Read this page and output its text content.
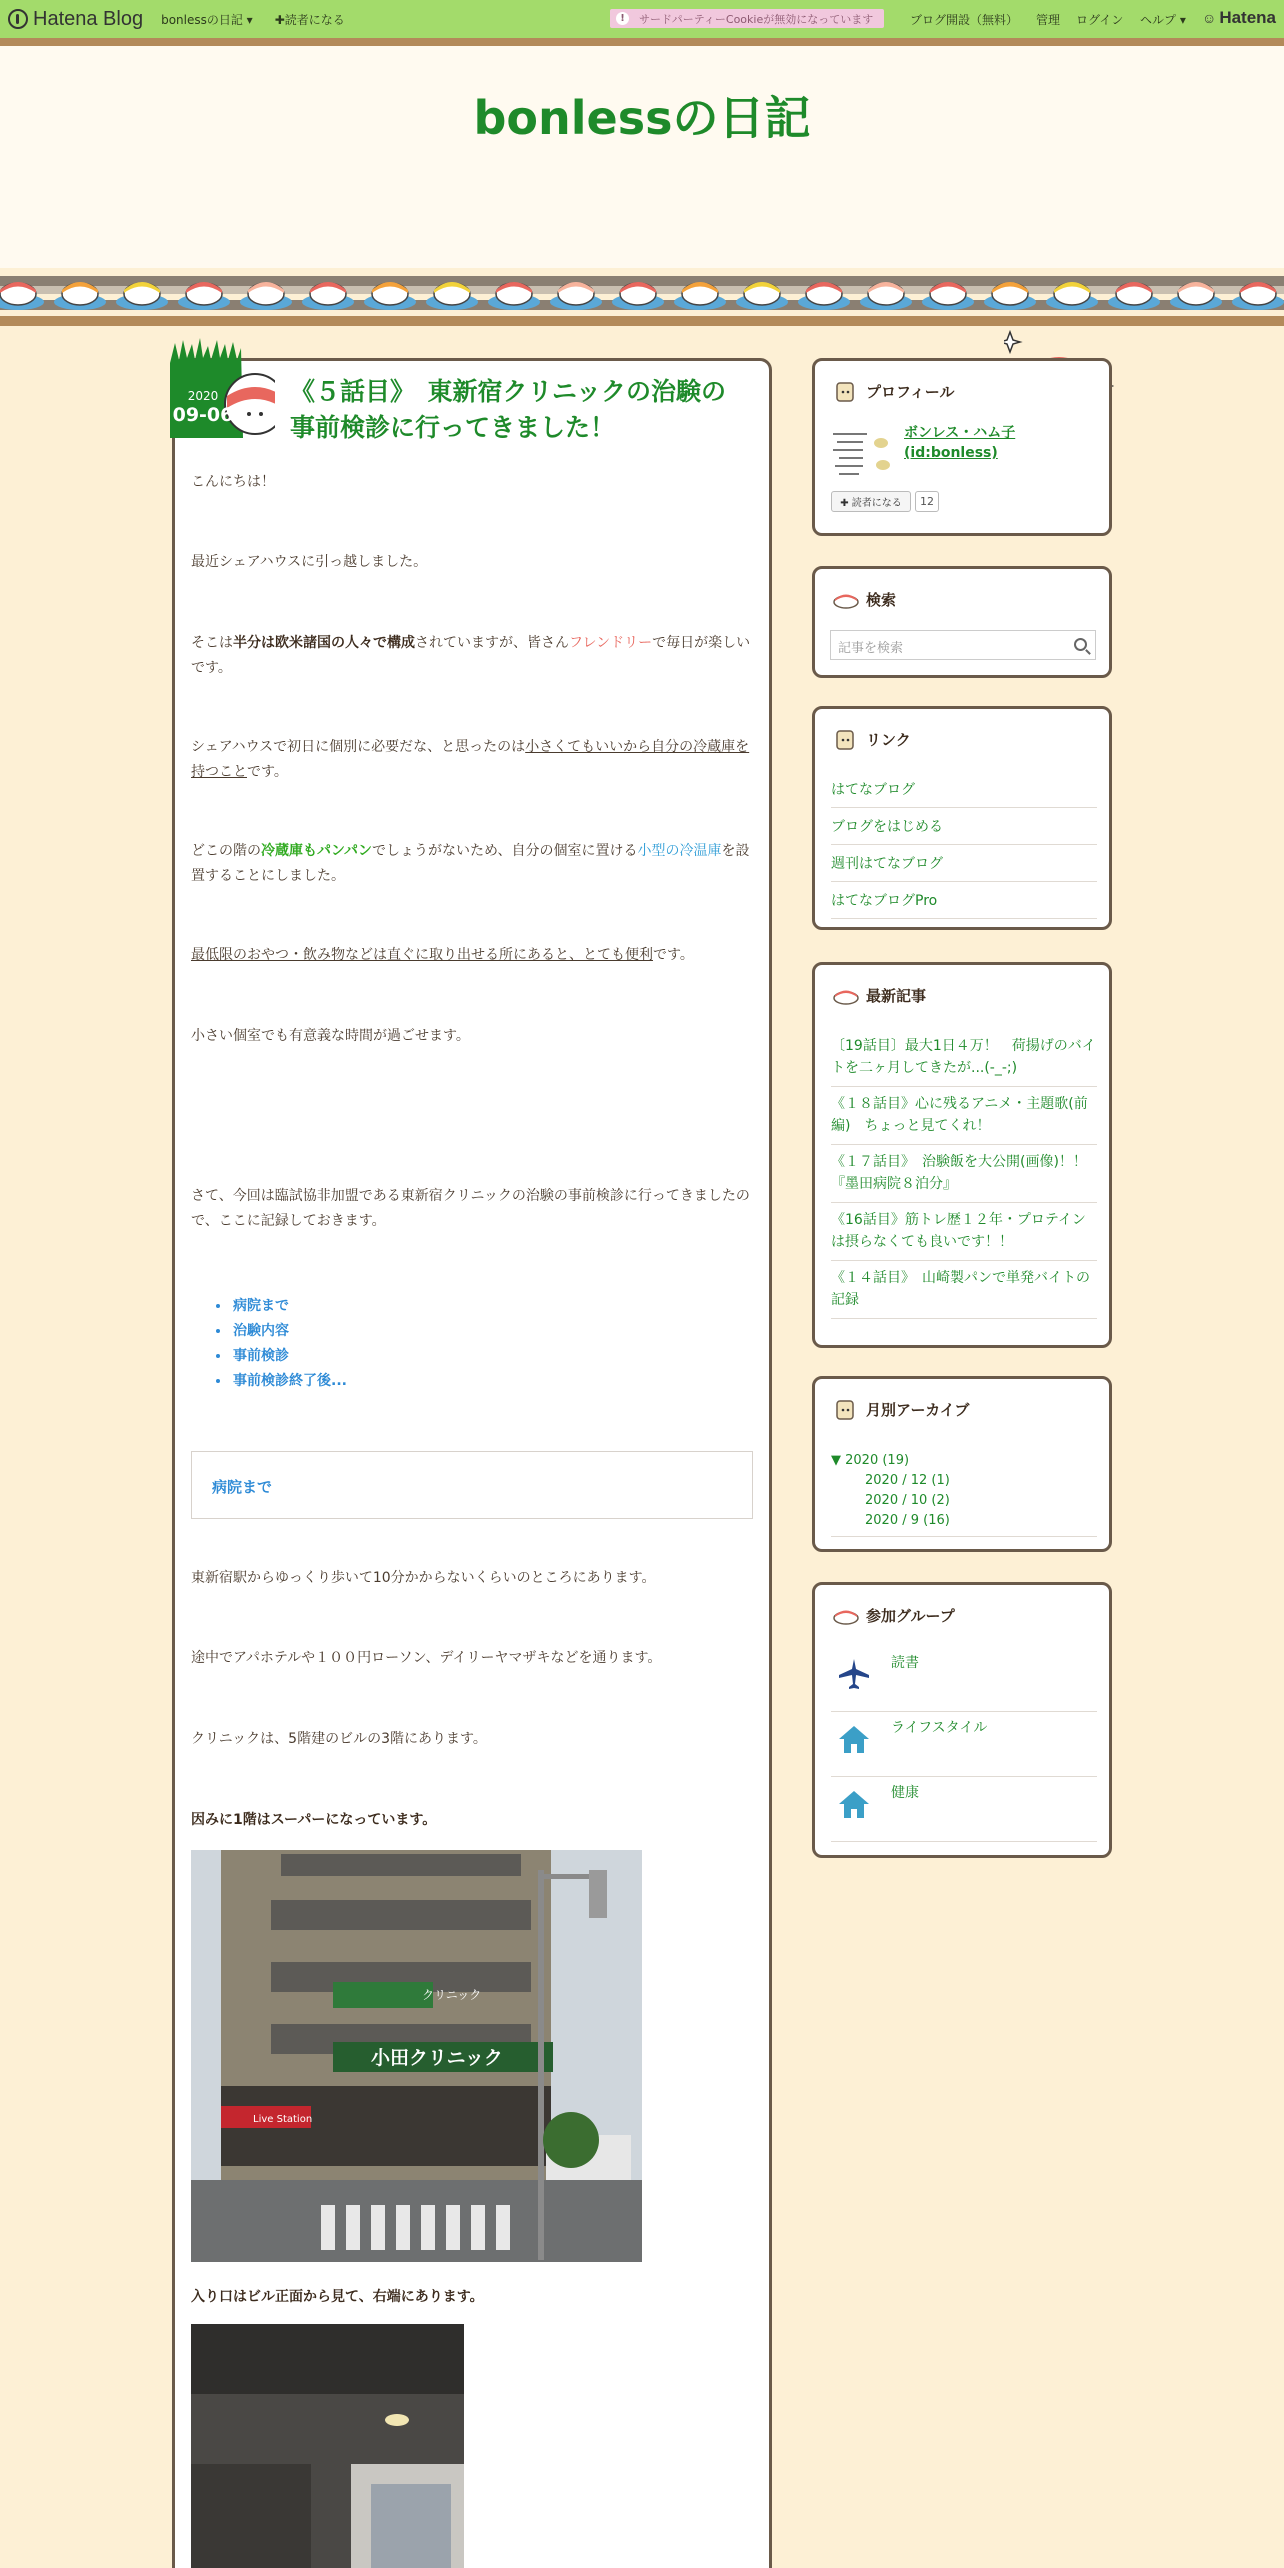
Hatena Blog bonlessの日記 ▾ ✚読者になる	!	サードパーティーCookieが無効になっています	ブログ開設（無料） 管理 ログイン ヘルプ ▾ ☺ Hatena
bonlessの日記
2020
09-06
《５話目》　東新宿クリニックの治験の事前検診に行ってきました！

こんにちは！

最近シェアハウスに引っ越しました。

そこは半分は欧米諸国の人々で構成されていますが、皆さんフレンドリーで毎日が楽しいです。

シェアハウスで初日に個別に必要だな、と思ったのは小さくてもいいから自分の冷蔵庫を持つことです。

どこの階の冷蔵庫もパンパンでしょうがないため、自分の個室に置ける小型の冷温庫を設置することにしました。

最低限のおやつ・飲み物などは直ぐに取り出せる所にあると、とても便利です。

小さい個室でも有意義な時間が過ごせます。

さて、今回は臨試協非加盟である東新宿クリニックの治験の事前検診に行ってきましたので、ここに記録しておきます。

• 病院まで
• 治験内容
• 事前検診
• 事前検診終了後...
病院まで

東新宿駅からゆっくり歩いて10分かからないくらいのところにあります。

途中でアパホテルや１００円ローソン、デイリーヤマザキなどを通ります。

クリニックは、5階建のビルの3階にあります。

因みに1階はスーパーになっています。

クリニック
小田クリニック
Live Station

入り口はビル正面から見て、右端にあります。

プロフィール
ボンレス・ハム子
(id:bonless)
✚ 読者になる	12
検索
記事を検索
リンク
はてなブログ
ブログをはじめる
週刊はてなブログ
はてなブログPro
最新記事
〔19話目〕最大1日４万！　荷揚げのバイトを二ヶ月してきたが...(-_-;)
《１８話目》心に残るアニメ・主題歌(前編)　ちょっと見てくれ！
《１７話目》　治験飯を大公開(画像)！！『墨田病院８泊分』
《16話目》筋トレ歴１２年・プロテインは摂らなくても良いです！！
《１４話目》　山崎製パンで単発バイトの記録
月別アーカイブ
▼ 2020 (19)
2020 / 12 (1)
2020 / 10 (2)
2020 / 9 (16)
参加グループ
読書
ライフスタイル
健康
